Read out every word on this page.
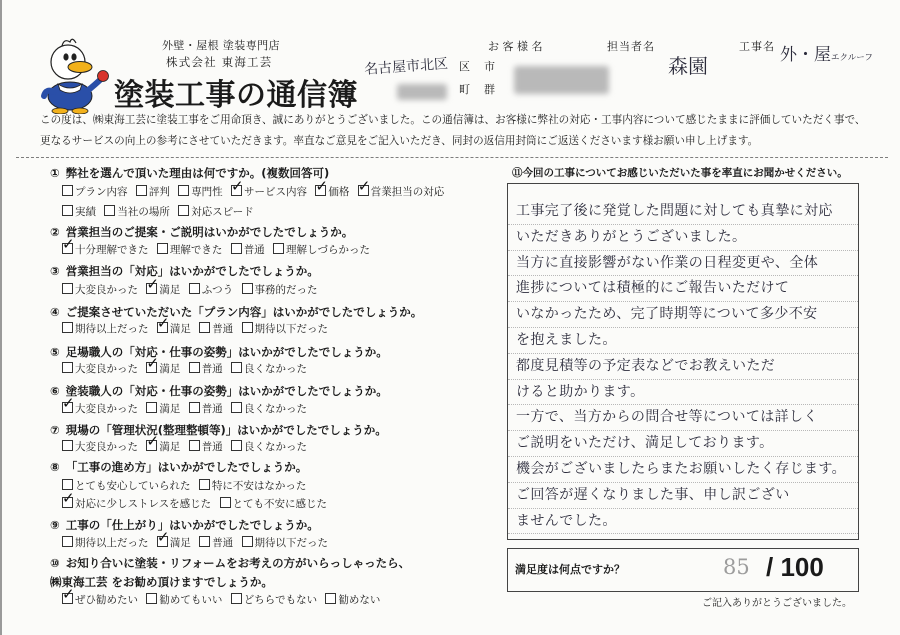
外壁・屋根 塗装専門店
株式会社 東海工芸
塗装工事の通信簿
名古屋市北区 区 市
町 群
お客様名	担当者名
森園
工事名 外・屋エクルーフ
この度は、㈱東海工芸に塗装工事をご用命頂き、誠にありがとうございました。この通信簿は、お客様に弊社の対応・工事内容について感じたままに評価していただく事で、更なるサービスの向上の参考にさせていただきます。率直なご意見をご記入いただき、同封の返信用封筒にご返送くださいます様お願い申し上げます。
① 弊社を選んで頂いた理由は何ですか。(複数回答可)
プラン内容 評判 専門性 ✓ サービス内容 ✓ 価格 ✓ 営業担当の対応
実績 当社の場所 対応スピード
② 営業担当のご提案・ご説明はいかがでしたでしょうか。
✓十分理解できた 理解できた 普通 理解しづらかった
③ 営業担当の「対応」はいかがでしたでしょうか。
大変良かった ✓ 満足 ふつう 事務的だった
④ ご提案させていただいた「プラン内容」はいかがでしたでしょうか。
期待以上だった ✓ 満足 普通 期待以下だった
⑤ 足場職人の「対応・仕事の姿勢」はいかがでしたでしょうか。
大変良かった ✓ 満足 普通 良くなかった
⑥ 塗装職人の「対応・仕事の姿勢」はいかがでしたでしょうか。
✓大変良かった 満足 普通 良くなかった
⑦ 現場の「管理状況(整理整頓等)」はいかがでしたでしょうか。
大変良かった ✓ 満足 普通 良くなかった
⑧ 「工事の進め方」はいかがでしたでしょうか。
とても安心していられた 特に不安はなかった
✓対応に少しストレスを感じた とても不安に感じた
⑨ 工事の「仕上がり」はいかがでしたでしょうか。
期待以上だった ✓ 満足 普通 期待以下だった
⑩ お知り合いに塗装・リフォームをお考えの方がいらっしゃったら、
㈱東海工芸 をお勧め頂けますでしょうか。
✓ぜひ勧めたい 勧めてもいい どちらでもない 勧めない
⑪今回の工事についてお感じいただいた事を率直にお聞かせください。
工事完了後に発覚した問題に対しても真摯に対応
いただきありがとうございました。
当方に直接影響がない作業の日程変更や、全体
進捗については積極的にご報告いただけて
いなかったため、完了時期等について多少不安
を抱えました。
都度見積等の予定表などでお教えいただ
けると助かります。
一方で、当方からの問合せ等については詳しく
ご説明をいただけ、満足しております。
機会がございましたらまたお願いしたく存じます。
ご回答が遅くなりました事、申し訳ござい
ませんでした。
満足度は何点ですか？	85 / 100
ご記入ありがとうございました。
